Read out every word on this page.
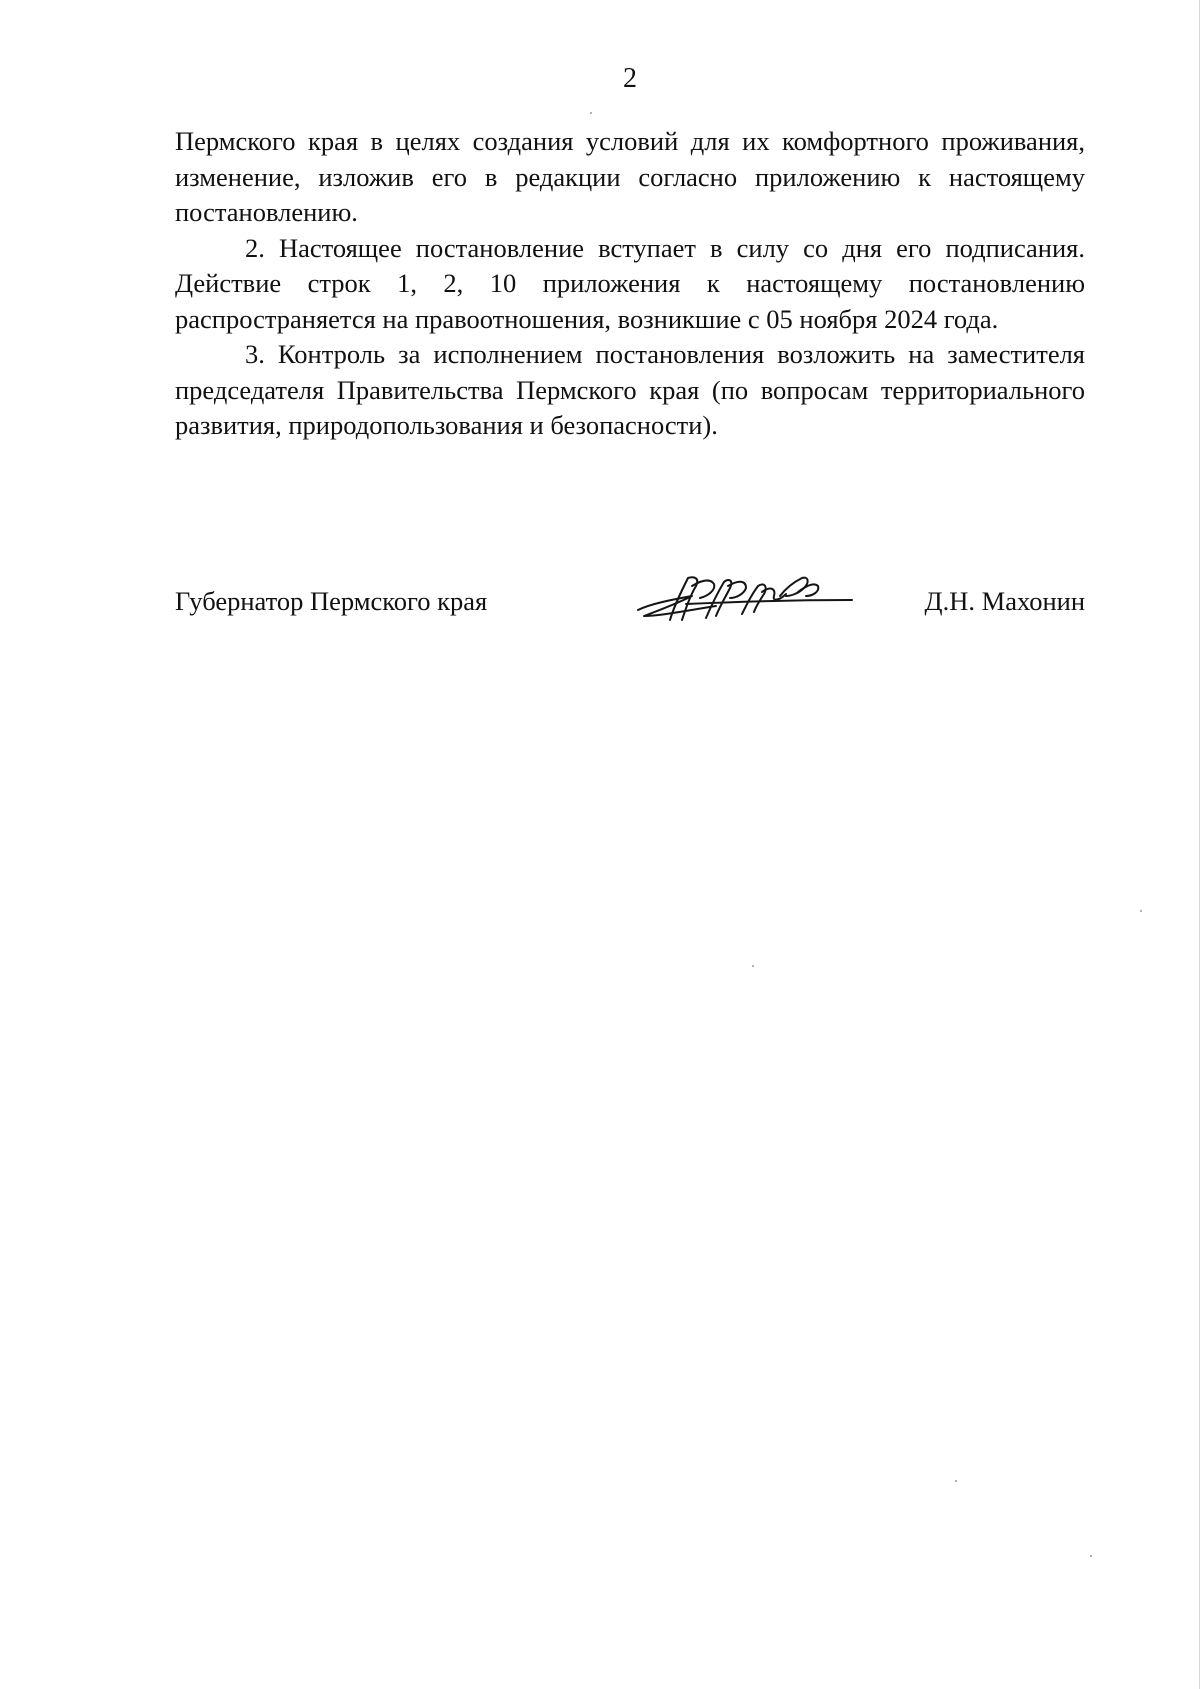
2

Пермского края в целях создания условий для их комфортного проживания, изменение, изложив его в редакции согласно приложению к настоящему постановлению.

2. Настоящее постановление вступает в силу со дня его подписания. Действие строк 1, 2, 10 приложения к настоящему постановлению распространяется на правоотношения, возникшие с 05 ноября 2024 года.

3. Контроль за исполнением постановления возложить на заместителя председателя Правительства Пермского края (по вопросам территориального развития, природопользования и безопасности).

Губернатор Пермского края	Д.Н. Махонин
